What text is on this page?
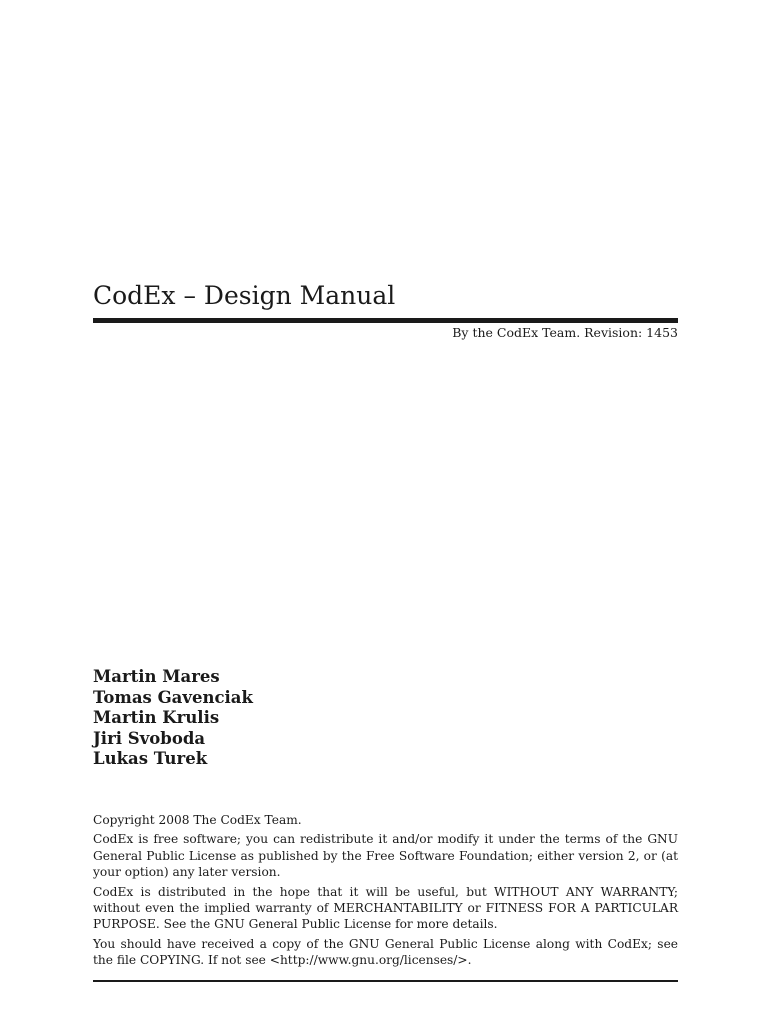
CodEx – Design Manual
By the CodEx Team. Revision: 1453
Martin Mares
Tomas Gavenciak
Martin Krulis
Jiri Svoboda
Lukas Turek

Copyright 2008 The CodEx Team.

CodEx is free software; you can redistribute it and/or modify it under the terms of the GNU General Public License as published by the Free Software Foundation; either version 2, or (at your option) any later version.

CodEx is distributed in the hope that it will be useful, but WITHOUT ANY WARRANTY; without even the implied warranty of MERCHANTABILITY or FITNESS FOR A PARTICULAR PURPOSE. See the GNU General Public License for more details.

You should have received a copy of the GNU General Public License along with CodEx; see the file COPYING. If not see <http://www.gnu.org/licenses/>.
